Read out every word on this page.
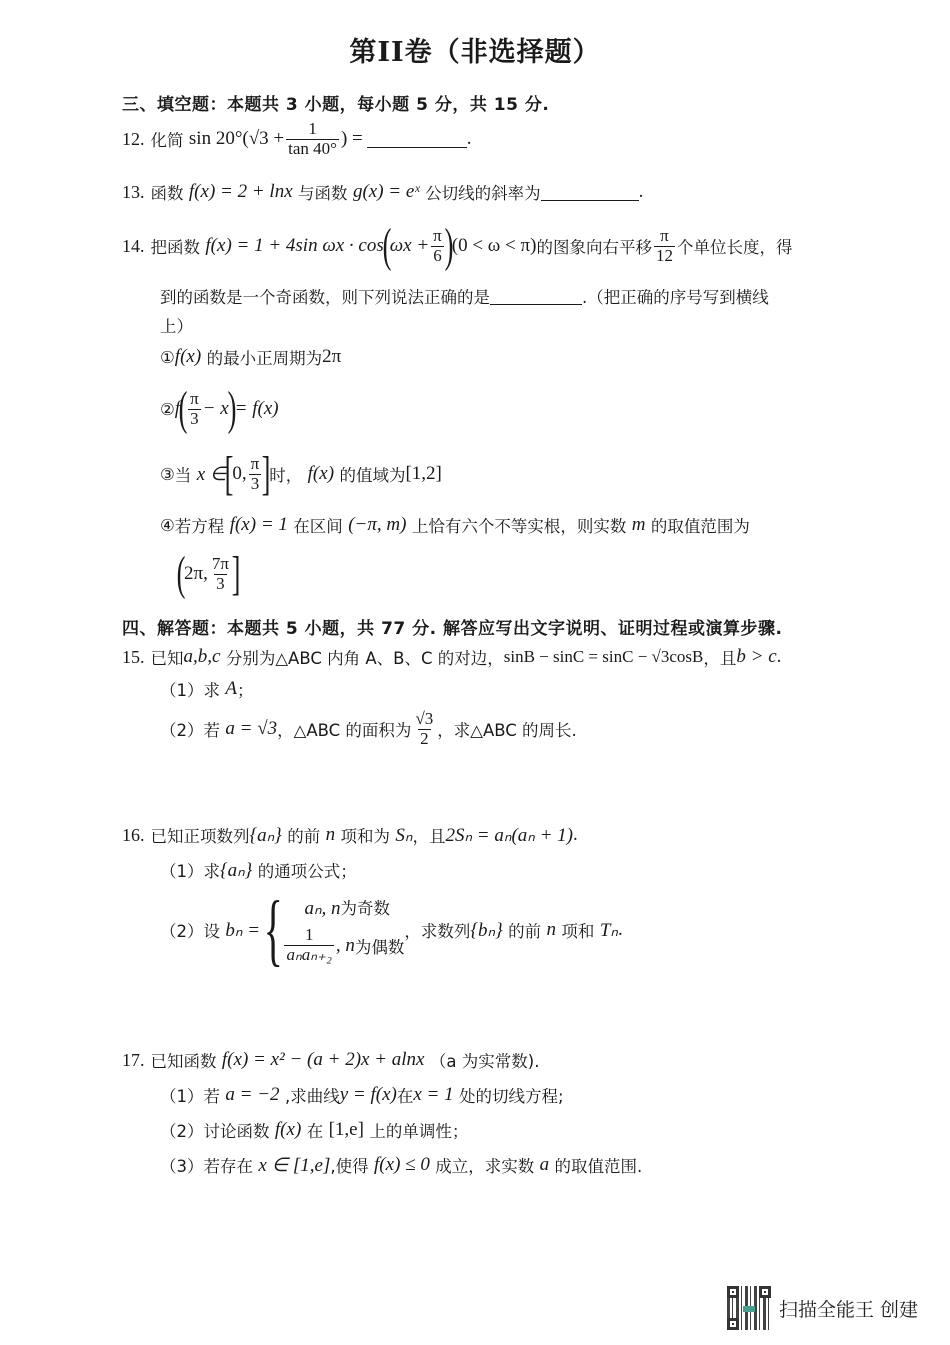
第II卷（非选择题）
三、填空题：本题共 3 小题，每小题 5 分，共 15 分.
12. 化简
$\sin 20^\circ(√3 + \frac{1}{\tan 40^\circ}$ ) =	.
13. 函数
f(x) = 2 + lnx
与函数
g(x) = eˣ
公切线的斜率为	.
14. 把函数
f(x) = 1 + 4sin ωx · cos
(
$\omega x + \frac{\pi}{6}$ )
(0 < ω < π) 的图象向右平移 $\frac{\pi}{12}$ 个单位长度，得
到的函数是一个奇函数，则下列说法正确的是	.（把正确的序号写到横线
上）
① f(x)
的最小正周期为 2π
② f
( $\frac{\pi}{3} - x$
)
= f(x)
③ 当
x ∈
[
0, $\frac{\pi}{3}$ ]
时，
f(x)
的值域为 [1,2]
④ 若方程
f(x) = 1
在区间
(−π, m)
上恰有六个不等实根，则实数
m
的取值范围为
(
2π, $\frac{7\pi}{3}$ ]
四、解答题：本题共 5 小题，共 77 分. 解答应写出文字说明、证明过程或演算步骤.
15. 已知 a,b,c
分别为△ABC 内角 A、B、C 的对边， sinB − sinC = sinC − √3cosB ，且 b > c .
（1） 求
A ；
（2） 若
a = √3 ，△ABC 的面积为 $\frac{√3}{2}$ ，求△ABC 的周长.
16. 已知正项数列 {aₙ}
的前
n
项和为
Sₙ ，且 2Sₙ = aₙ(aₙ + 1) .
（1） 求 {aₙ}
的通项公式；
（2） 设
bₙ = {	aₙ, n为奇数
$\frac{1}{\text{aₙaₙ₊₂}}$ , n 为偶数
，求数列 {bₙ}
的前
n
项和
Tₙ .
17. 已知函数
f(x) = x² − (a + 2)x + alnx
（a 为实常数).
（1） 若
a = −2
,求曲线 y = f(x) 在 x = 1
处的切线方程;
（2） 讨论函数
f(x)
在
[1,e]
上的单调性；
（3） 若存在
x ∈ [1,e] ,使得
f(x) ≤ 0
成立，求实数
a
的取值范围.
扫描全能王 创建
